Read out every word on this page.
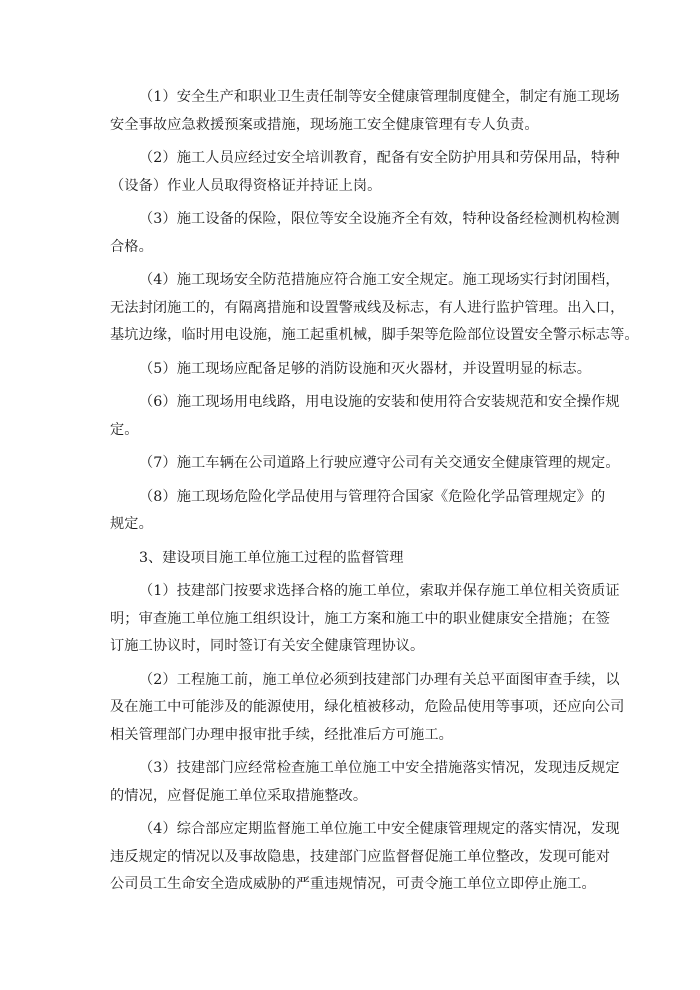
（1）安全生产和职业卫生责任制等安全健康管理制度健全，制定有施工现场
安全事故应急救援预案或措施，现场施工安全健康管理有专人负责。

（2）施工人员应经过安全培训教育，配备有安全防护用具和劳保用品，特种
（设备）作业人员取得资格证并持证上岗。

（3）施工设备的保险，限位等安全设施齐全有效，特种设备经检测机构检测
合格。

（4）施工现场安全防范措施应符合施工安全规定。施工现场实行封闭围档，
无法封闭施工的，有隔离措施和设置警戒线及标志，有人进行监护管理。出入口，
基坑边缘，临时用电设施，施工起重机械，脚手架等危险部位设置安全警示标志等。

（5）施工现场应配备足够的消防设施和灭火器材，并设置明显的标志。

（6）施工现场用电线路，用电设施的安装和使用符合安装规范和安全操作规
定。

（7）施工车辆在公司道路上行驶应遵守公司有关交通安全健康管理的规定。

（8）施工现场危险化学品使用与管理符合国家《危险化学品管理规定》的
规定。

3、建设项目施工单位施工过程的监督管理

（1）技建部门按要求选择合格的施工单位，索取并保存施工单位相关资质证
明；审查施工单位施工组织设计，施工方案和施工中的职业健康安全措施；在签
订施工协议时，同时签订有关安全健康管理协议。

（2）工程施工前，施工单位必须到技建部门办理有关总平面图审查手续，以
及在施工中可能涉及的能源使用，绿化植被移动，危险品使用等事项，还应向公司
相关管理部门办理申报审批手续，经批准后方可施工。

（3）技建部门应经常检查施工单位施工中安全措施落实情况，发现违反规定
的情况，应督促施工单位采取措施整改。

（4）综合部应定期监督施工单位施工中安全健康管理规定的落实情况，发现
违反规定的情况以及事故隐患，技建部门应监督督促施工单位整改，发现可能对
公司员工生命安全造成威胁的严重违规情况，可责令施工单位立即停止施工。
